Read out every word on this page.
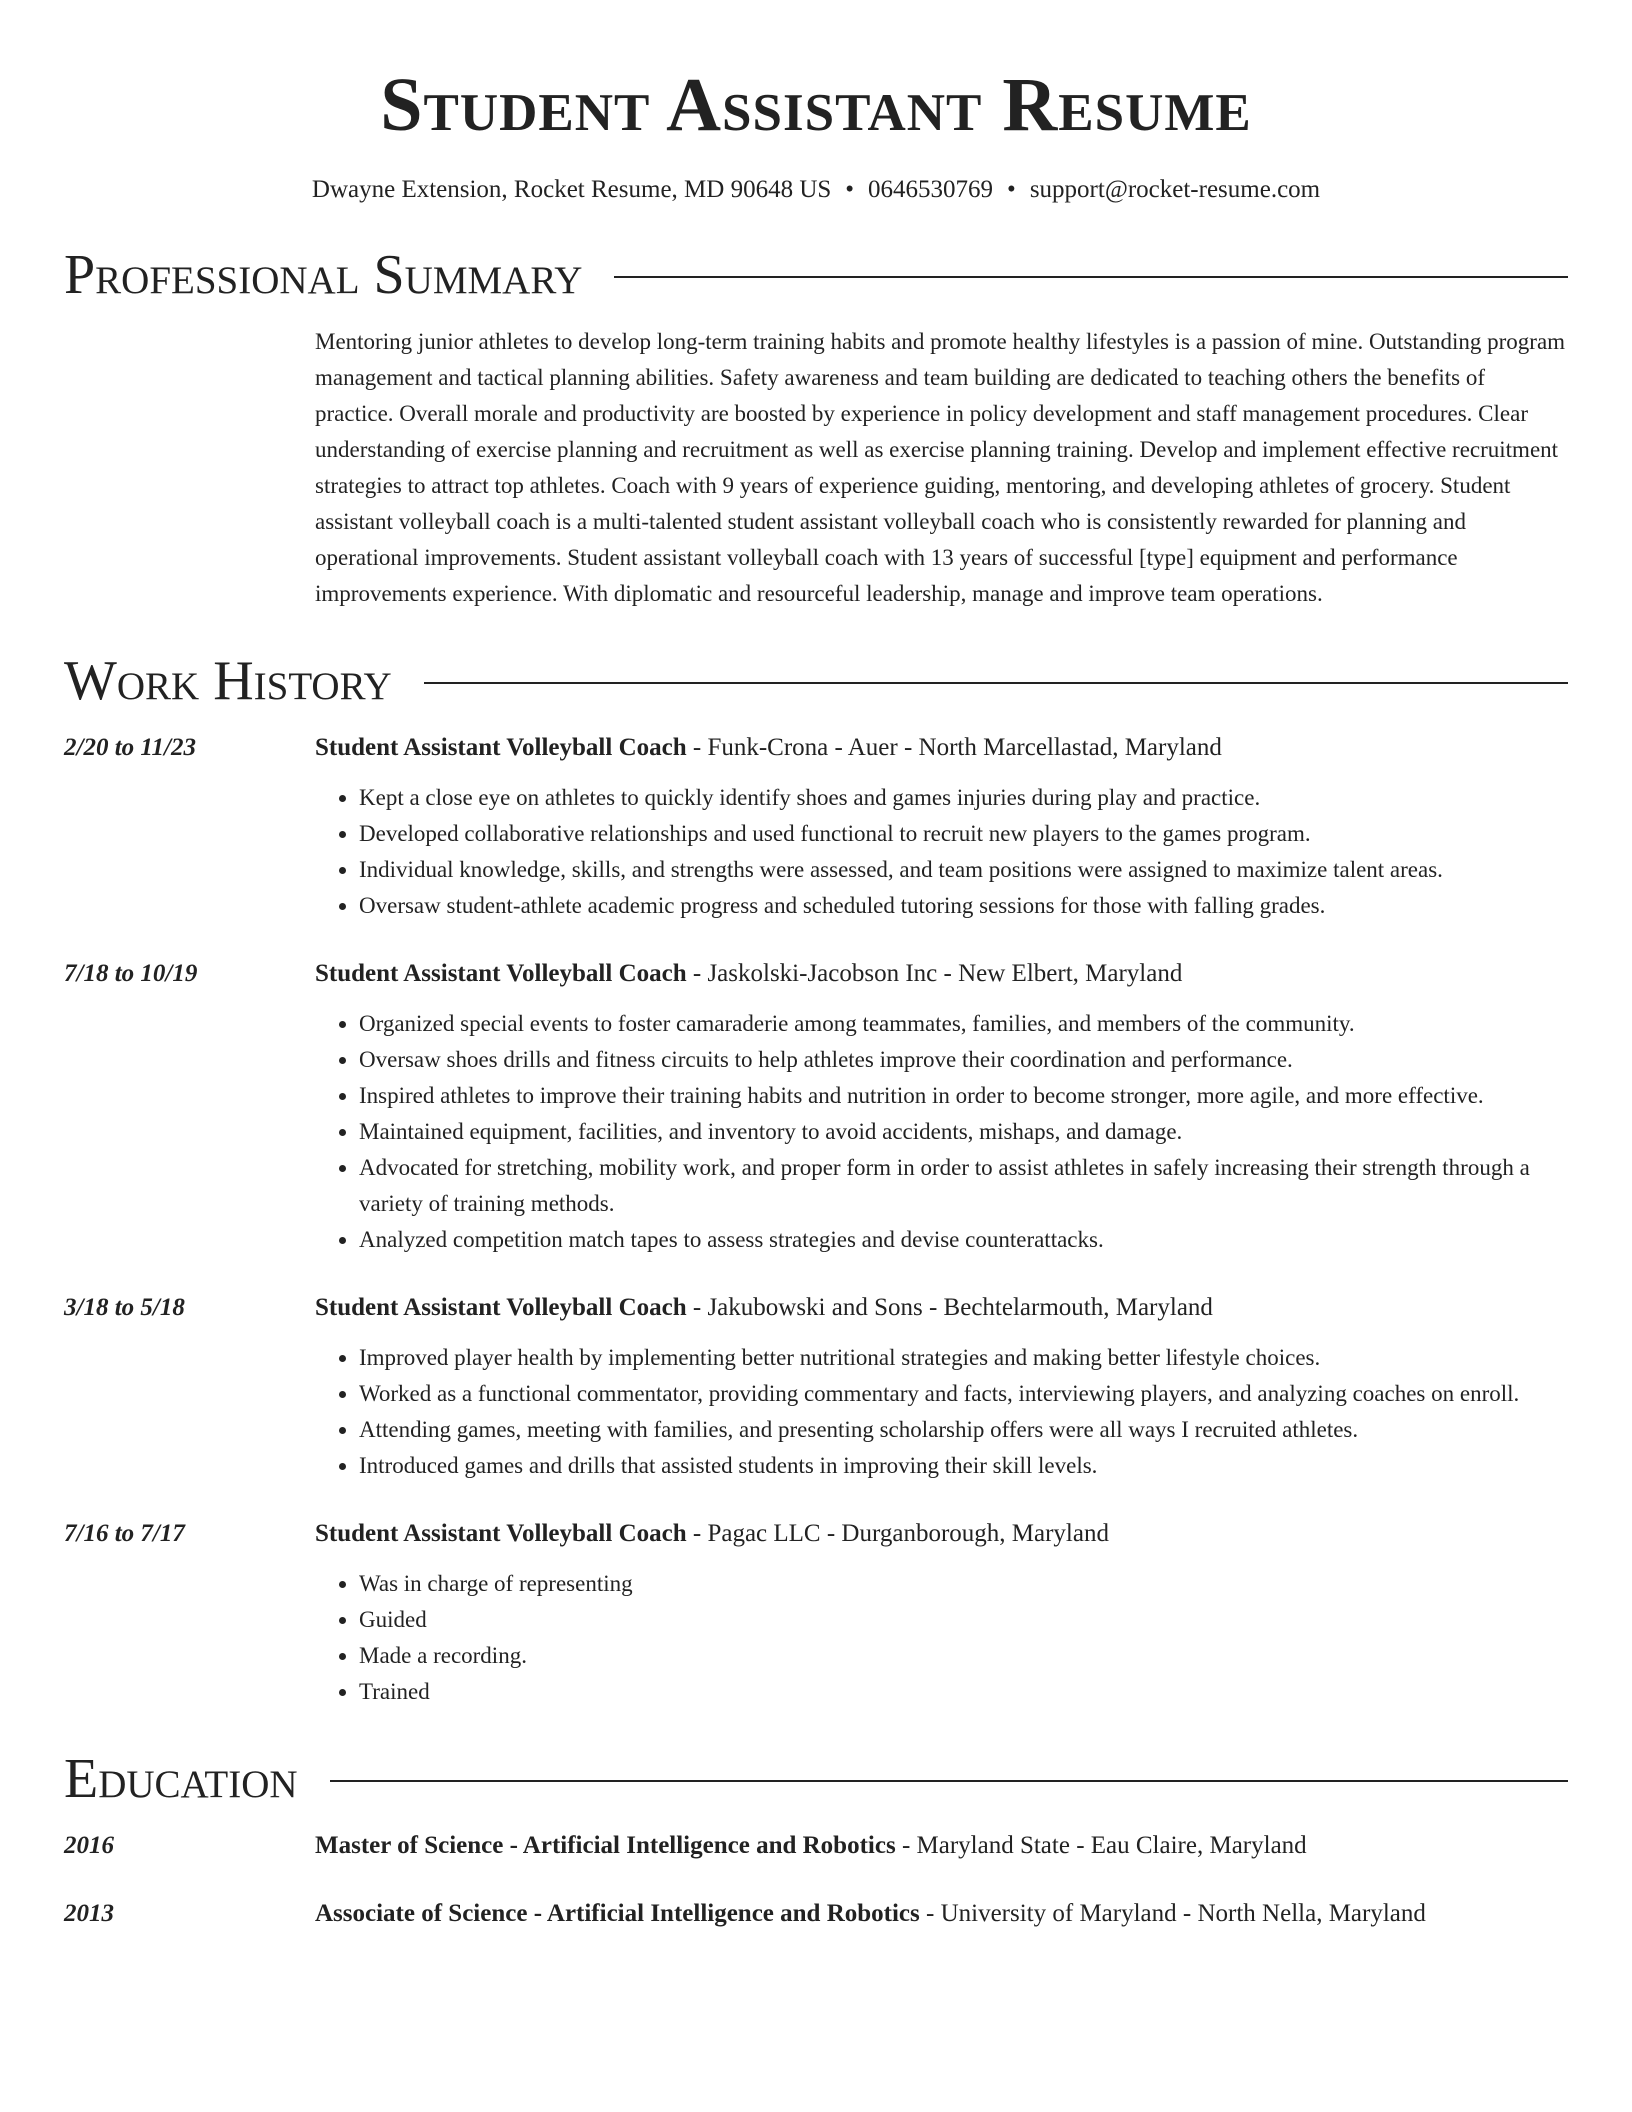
Student Assistant Resume
Dwayne Extension, Rocket Resume, MD 90648 US • 0646530769 • support@rocket-resume.com
Professional Summary
Mentoring junior athletes to develop long-term training habits and promote healthy lifestyles is a passion of mine. Outstanding program management and tactical planning abilities. Safety awareness and team building are dedicated to teaching others the benefits of practice. Overall morale and productivity are boosted by experience in policy development and staff management procedures. Clear understanding of exercise planning and recruitment as well as exercise planning training. Develop and implement effective recruitment strategies to attract top athletes. Coach with 9 years of experience guiding, mentoring, and developing athletes of grocery. Student assistant volleyball coach is a multi-talented student assistant volleyball coach who is consistently rewarded for planning and operational improvements. Student assistant volleyball coach with 13 years of successful [type] equipment and performance improvements experience. With diplomatic and resourceful leadership, manage and improve team operations.
Work History
2/20 to 11/23	Student Assistant Volleyball Coach - Funk-Crona - Auer - North Marcellastad, Maryland
• Kept a close eye on athletes to quickly identify shoes and games injuries during play and practice.
• Developed collaborative relationships and used functional to recruit new players to the games program.
• Individual knowledge, skills, and strengths were assessed, and team positions were assigned to maximize talent areas.
• Oversaw student-athlete academic progress and scheduled tutoring sessions for those with falling grades.
7/18 to 10/19	Student Assistant Volleyball Coach - Jaskolski-Jacobson Inc - New Elbert, Maryland
• Organized special events to foster camaraderie among teammates, families, and members of the community.
• Oversaw shoes drills and fitness circuits to help athletes improve their coordination and performance.
• Inspired athletes to improve their training habits and nutrition in order to become stronger, more agile, and more effective.
• Maintained equipment, facilities, and inventory to avoid accidents, mishaps, and damage.
• Advocated for stretching, mobility work, and proper form in order to assist athletes in safely increasing their strength through a variety of training methods.
• Analyzed competition match tapes to assess strategies and devise counterattacks.
3/18 to 5/18	Student Assistant Volleyball Coach - Jakubowski and Sons - Bechtelarmouth, Maryland
• Improved player health by implementing better nutritional strategies and making better lifestyle choices.
• Worked as a functional commentator, providing commentary and facts, interviewing players, and analyzing coaches on enroll.
• Attending games, meeting with families, and presenting scholarship offers were all ways I recruited athletes.
• Introduced games and drills that assisted students in improving their skill levels.
7/16 to 7/17	Student Assistant Volleyball Coach - Pagac LLC - Durganborough, Maryland
• Was in charge of representing
• Guided
• Made a recording.
• Trained
Education
2016	Master of Science - Artificial Intelligence and Robotics - Maryland State - Eau Claire, Maryland
2013	Associate of Science - Artificial Intelligence and Robotics - University of Maryland - North Nella, Maryland
